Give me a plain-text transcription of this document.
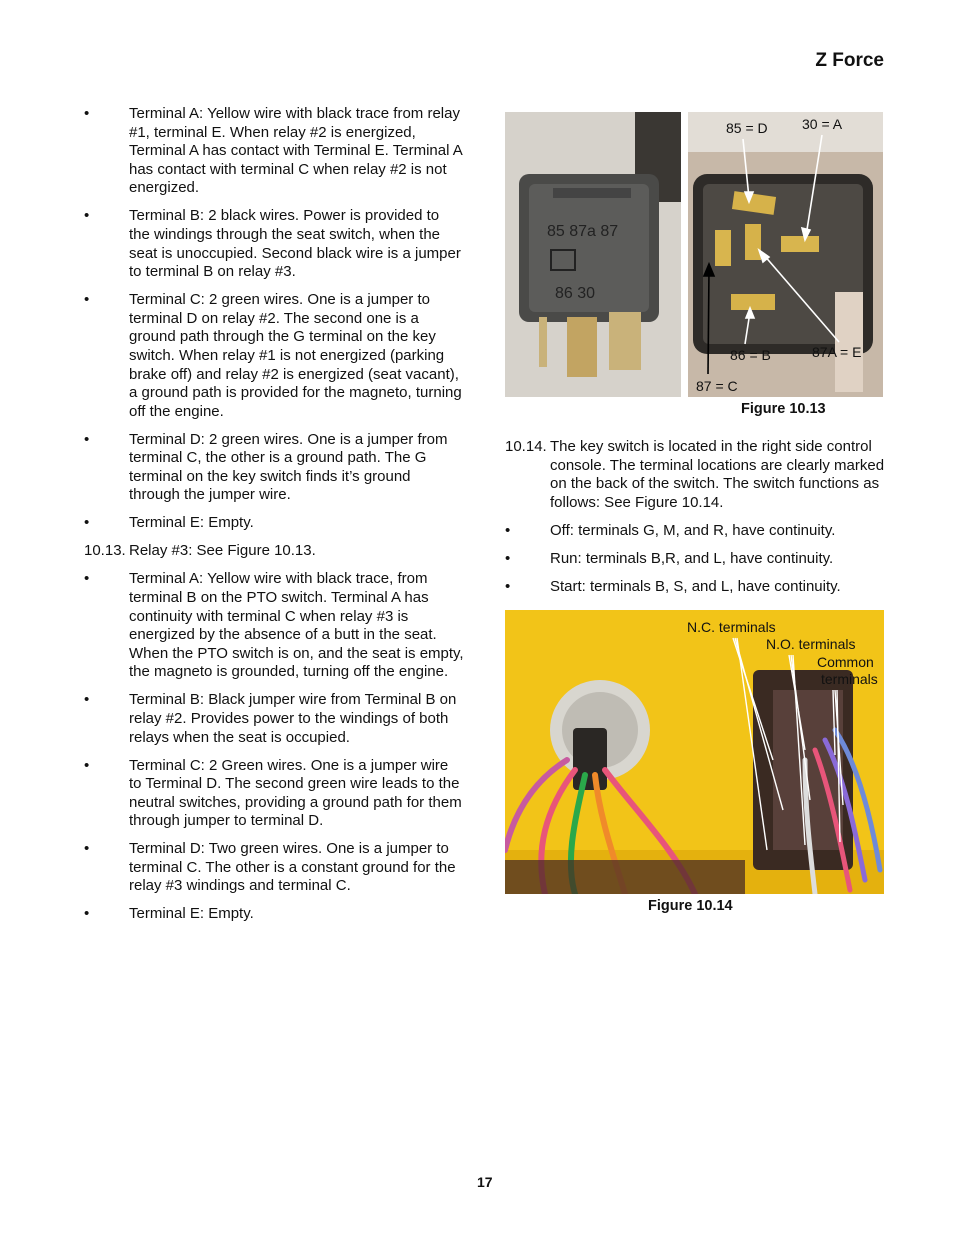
Z Force
•	Terminal A: Yellow wire with black trace from relay #1, terminal E. When relay #2 is energized, Terminal A has contact with Terminal E. Terminal A has contact with terminal C when relay #2 is not energized.
•	Terminal B: 2 black wires. Power is provided to the windings through the seat switch, when the seat is unoccupied. Second black wire is a jumper to terminal B on relay #3.
•	Terminal C: 2 green wires. One is a jumper to terminal D on relay #2. The second one is a ground path through the G terminal on the key switch. When relay #1 is not energized (parking brake off) and relay #2 is energized (seat vacant), a ground path is provided for the magneto, turning off the engine.
•	Terminal D: 2 green wires. One is a jumper from terminal C, the other is a ground path. The G terminal on the key switch finds it’s ground through the jumper wire.
•	Terminal E: Empty.
10.13. Relay #3: See Figure 10.13.
•	Terminal A: Yellow wire with black trace, from terminal B on the PTO switch. Terminal A has continuity with terminal C when relay #3 is energized by the absence of a butt in the seat. When the PTO switch is on, and the seat is empty, the magneto is grounded, turning off the engine.
•	Terminal B: Black jumper wire from Terminal B on relay #2. Provides power to the windings of both relays when the seat is occupied.
•	Terminal C: 2 Green wires. One is a jumper wire to Terminal D. The second green wire leads to the neutral switches, providing a ground path for them through jumper to terminal D.
•	Terminal D: Two green wires. One is a jumper to terminal C. The other is a constant ground for the relay #3 windings and terminal C.
•	Terminal E: Empty.
85 87a 87
86 30
85 = D 30 = A
86 = B	87A = E
87 = C
Figure 10.13
10.14. The key switch is located in the right side control console. The terminal locations are clearly marked on the back of the switch. The switch functions as follows: See Figure 10.14.
•	Off: terminals G, M, and R, have continuity.
•	Run: terminals B,R, and L, have continuity.
•	Start: terminals B, S, and L, have continuity.
N.C. terminals
N.O. terminals
Common
terminals
Figure 10.14
17
